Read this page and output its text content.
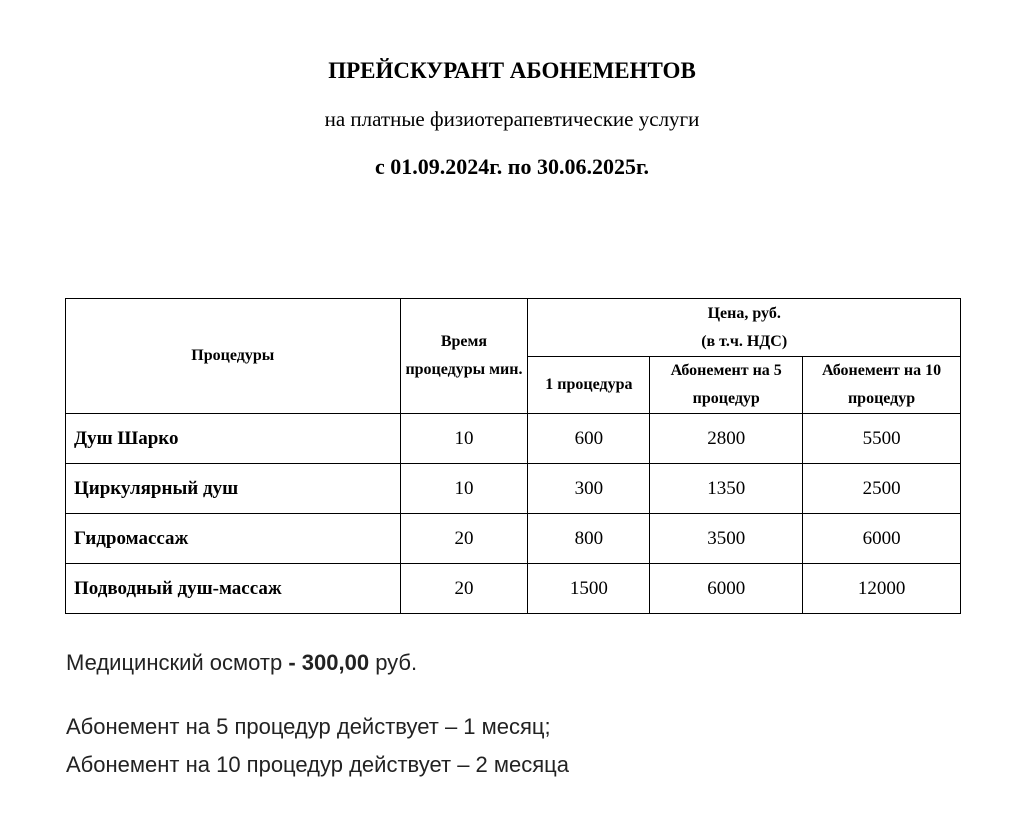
ПРЕЙСКУРАНТ АБОНЕМЕНТОВ
на платные физиотерапевтические услуги
с 01.09.2024г. по 30.06.2025г.
Процедуры	Время процедуры мин.	Цена, руб.
(в т.ч. НДС)		
		1 процедура	Абонемент на 5 процедур	Абонемент на 10 процедур
Душ Шарко	10	600	2800	5500
Циркулярный душ	10	300	1350	2500
Гидромассаж	20	800	3500	6000
Подводный душ-массаж	20	1500	6000	12000
Медицинский осмотр - 300,00 руб.
Абонемент на 5 процедур действует – 1 месяц;
Абонемент на 10 процедур действует – 2 месяца
